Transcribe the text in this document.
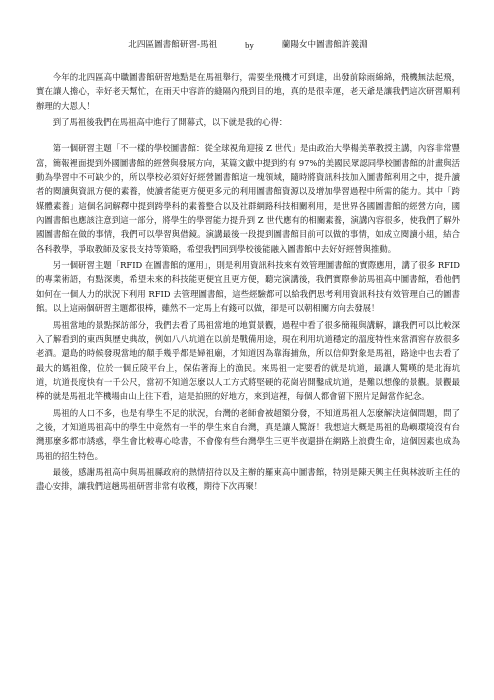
北四區圖書館研習-馬祖	by	蘭陽女中圖書館許義淵

今年的北四區高中職圖書館研習地點是在馬祖舉行，需要坐飛機才可到達，出發前除雨綿綿，飛機無法起飛，實在讓人擔心，幸好老天幫忙，在雨天中容許的縫隔內飛到目的地，真的是很幸運，老天爺是讓我們這次研習順利辦理的大恩人！

到了馬祖後我們在馬祖高中進行了開幕式，以下就是我的心得：

第一個研習主題「不一樣的學校圖書館：從全球視角迎接 Z 世代」是由政治大學楊美華教授主講，內容非常豐富，簡報裡面提到外國圖書館的經營與發展方向，某篇文獻中提到約有 97%的美國民眾認同學校圖書館的計畫與活動為學習中不可缺少的，所以學校必須好好經營圖書館這一塊領域，隨時將資訊科技加入圖書館利用之中，提升讀者的閱讀與資訊方便的素養，使讀者能更方便更多元的利用圖書館資源以及增加學習過程中所需的能力。其中「跨媒體素養」這個名詞解釋中提到跨學科的素養整合以及社群網路科技相關利用，是世界各國圖書館的經營方向，國內圖書館也應該注意到這一部分，將學生的學習能力提升到 Z 世代應有的相關素養，演講內容很多，使我們了解外國圖書館在做的事情，我們可以學習與借鏡。演講最後一段提到圖書館目前可以做的事情，如成立閱讀小組，結合各科教學，爭取教師及家長支持等策略，希望我們回到學校後能融入圖書館中去好好經營與推動。

另一個研習主題「RFID 在圖書館的運用」，則是利用資訊科技來有效管理圖書館的實際應用，講了很多 RFID 的專業術語，有點深奧，希望未來的科技能更便宜且更方便，聽完演講後，我們實際參訪馬祖高中圖書館，看他們如何在一個人力的狀況下利用 RFID 去管理圖書館，這些經驗都可以給我們思考利用資訊科技有效管理自己的圖書館。以上這兩個研習主題都很棒，雖然不一定馬上有錢可以做，卻是可以朝相關方向去發展！

馬祖當地的景點探訪部分，我們去看了馬祖當地的地質景觀，過程中看了很多簡報與講解，讓我們可以比較深入了解看到的東西與歷史典故，例如八八坑道在以前是戰備用途，現在利用坑道穩定的溫度特性來當酒窖存放很多老酒。還島的時候發現當地的顛手幾乎都是婦祖廟，才知道因為靠海捕魚，所以信仰對象是馬祖，路途中也去看了最大的媽祖像，位於一個丘陵平台上，保佑著海上的漁民。來馬祖一定要看的就是坑道，最讓人驚嘆的是北海坑道，坑道長度快有一千公尺，當初不知道怎麼以人工方式將堅硬的花崗岩開鑿成坑道，是難以想像的景觀。景觀最棒的就是馬祖北竿機場由山上往下看，這是拍照的好地方，來到這裡，每個人都會留下照片足歸當作紀念。

馬祖的人口不多，也是有學生不足的狀況，台灣的老師會被超額分發，不知道馬祖人怎麼解決這個問題，問了之後，才知道馬祖高中的學生中竟然有一半的學生來自台灣，真是讓人驚訝！我想這大概是馬祖的島嶼環境沒有台灣那麼多都市誘惑，學生會比較專心唸書，不會像有些台灣學生三更半夜還掛在網路上浪費生命，這個因素也成為馬祖的招生特色。

最後，感謝馬祖高中與馬祖縣政府的熱情招待以及主辦的羅東高中圖書館，特別是陳天興主任與林波昕主任的盡心安排，讓我們這趟馬祖研習非常有收穫，期待下次再聚！
